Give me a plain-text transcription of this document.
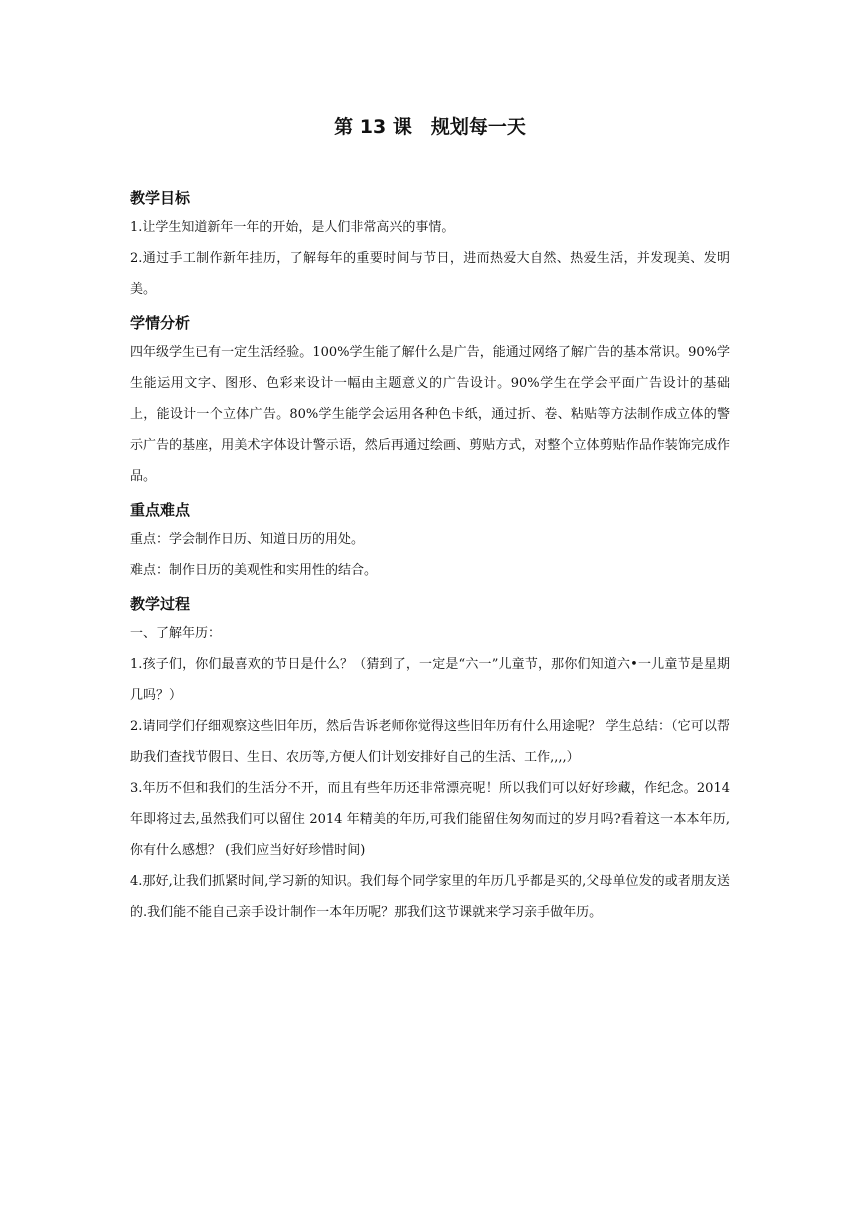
第 13 课　规划每一天
教学目标

1.让学生知道新年一年的开始，是人们非常高兴的事情。

2.通过手工制作新年挂历，了解每年的重要时间与节日，进而热爱大自然、热爱生活，并发现美、发明美。

学情分析

四年级学生已有一定生活经验。100%学生能了解什么是广告，能通过网络了解广告的基本常识。90%学生能运用文字、图形、色彩来设计一幅由主题意义的广告设计。90%学生在学会平面广告设计的基础上，能设计一个立体广告。80%学生能学会运用各种色卡纸，通过折、卷、粘贴等方法制作成立体的警示广告的基座，用美术字体设计警示语，然后再通过绘画、剪贴方式，对整个立体剪贴作品作装饰完成作品。

重点难点

重点：学会制作日历、知道日历的用处。

难点：制作日历的美观性和实用性的结合。

教学过程

一、了解年历：

1.孩子们，你们最喜欢的节日是什么？（猜到了，一定是“六一”儿童节，那你们知道六•一儿童节是星期几吗？）

2.请同学们仔细观察这些旧年历，然后告诉老师你觉得这些旧年历有什么用途呢？ 学生总结：（它可以帮助我们查找节假日、生日、农历等,方便人们计划安排好自己的生活、工作,,,,）

3.年历不但和我们的生活分不开，而且有些年历还非常漂亮呢！所以我们可以好好珍藏，作纪念。2014 年即将过去,虽然我们可以留住 2014 年精美的年历,可我们能留住匆匆而过的岁月吗?看着这一本本年历,你有什么感想？ (我们应当好好珍惜时间)

4.那好,让我们抓紧时间,学习新的知识。我们每个同学家里的年历几乎都是买的,父母单位发的或者朋友送的.我们能不能自己亲手设计制作一本年历呢？那我们这节课就来学习亲手做年历。
